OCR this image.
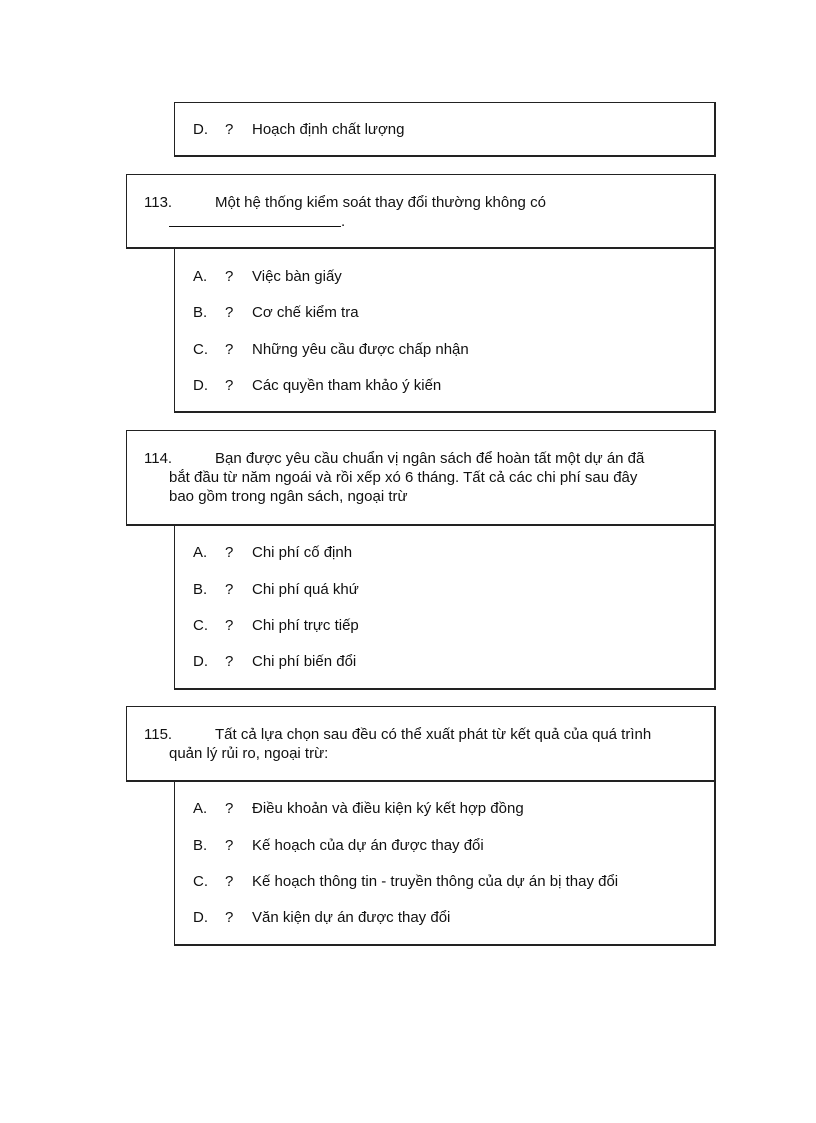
D. ? Hoạch định chất lượng
113.	Một hệ thống kiểm soát thay đổi thường không có
.
A. ? Việc bàn giấy
B. ? Cơ chế kiểm tra
C. ? Những yêu cầu được chấp nhận
D. ? Các quyền tham khảo ý kiến
114.	Bạn được yêu cầu chuẩn vị ngân sách để hoàn tất một dự án đã
bắt đầu từ năm ngoái và rồi xếp xó 6 tháng. Tất cả các chi phí sau đây
bao gồm trong ngân sách, ngoại trừ
A. ? Chi phí cố định
B. ? Chi phí quá khứ
C. ? Chi phí trực tiếp
D. ? Chi phí biến đổi
115.	Tất cả lựa chọn sau đều có thể xuất phát từ kết quả của quá trình
quản lý rủi ro, ngoại trừ:
A. ? Điều khoản và điều kiện ký kết hợp đồng
B. ? Kế hoạch của dự án được thay đổi
C. ? Kế hoạch thông tin - truyền thông của dự án bị thay đổi
D. ? Văn kiện dự án được thay đổi
